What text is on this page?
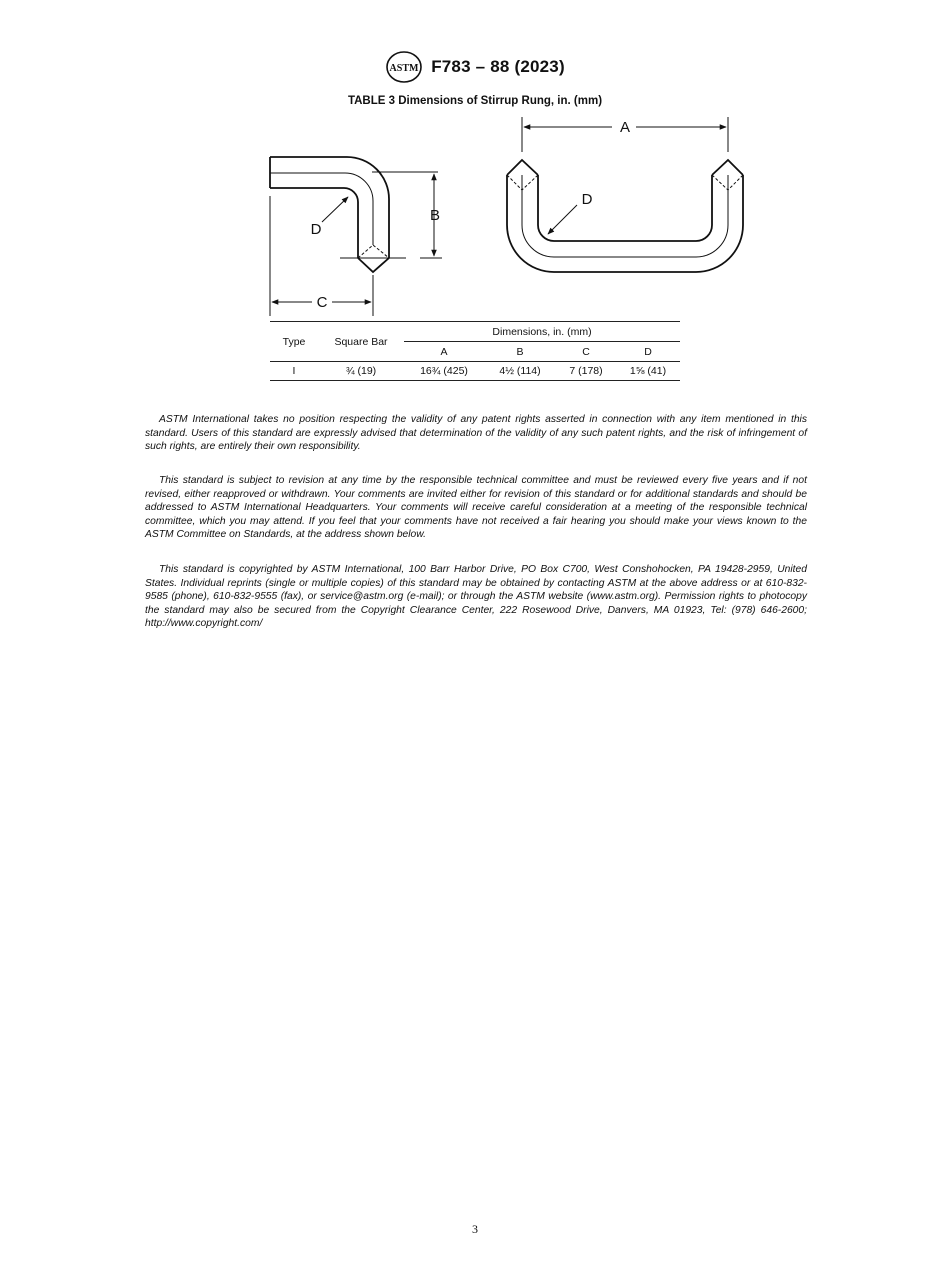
ASTM F783 – 88 (2023)
TABLE 3 Dimensions of Stirrup Rung, in. (mm)
B
C
D
A
D
Type	Square Bar	Dimensions, in. (mm)			
		A	B	C	D
I	¾ (19)	16¾ (425)	4½ (114)	7 (178)	1⅝ (41)

ASTM International takes no position respecting the validity of any patent rights asserted in connection with any item mentioned in this standard. Users of this standard are expressly advised that determination of the validity of any such patent rights, and the risk of infringement of such rights, are entirely their own responsibility.

This standard is subject to revision at any time by the responsible technical committee and must be reviewed every five years and if not revised, either reapproved or withdrawn. Your comments are invited either for revision of this standard or for additional standards and should be addressed to ASTM International Headquarters. Your comments will receive careful consideration at a meeting of the responsible technical committee, which you may attend. If you feel that your comments have not received a fair hearing you should make your views known to the ASTM Committee on Standards, at the address shown below.

This standard is copyrighted by ASTM International, 100 Barr Harbor Drive, PO Box C700, West Conshohocken, PA 19428-2959, United States. Individual reprints (single or multiple copies) of this standard may be obtained by contacting ASTM at the above address or at 610-832-9585 (phone), 610-832-9555 (fax), or service@astm.org (e-mail); or through the ASTM website (www.astm.org). Permission rights to photocopy the standard may also be secured from the Copyright Clearance Center, 222 Rosewood Drive, Danvers, MA 01923, Tel: (978) 646-2600; http://www.copyright.com/

3
